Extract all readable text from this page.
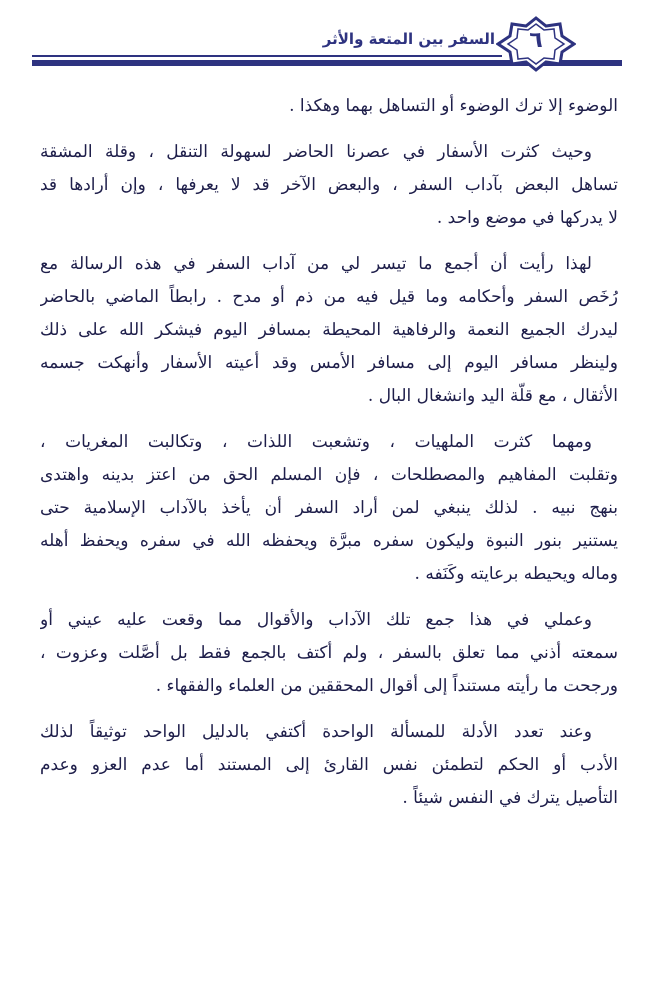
السفر بين المتعة والأثر	٦
الوضوء إلا ترك الوضوء أو التساهل بهما وهكذا .
وحيث كثرت الأسفار في عصرنا الحاضر لسهولة التنقل ، وقلة المشقة
تساهل البعض بآداب السفر ، والبعض الآخر قد لا يعرفها ، وإن أرادها قد
لا يدركها في موضع واحد .
لهذا رأيت أن أجمع ما تيسر لي من آداب السفر في هذه الرسالة مع
رُخَص السفر وأحكامه وما قيل فيه من ذم أو مدح . رابطاً الماضي بالحاضر
ليدرك الجميع النعمة والرفاهية المحيطة بمسافر اليوم فيشكر الله على ذلك
ولينظر مسافر اليوم إلى مسافر الأمس وقد أعيته الأسفار وأنهكت جسمه
الأثقال ، مع قلّة اليد وانشغال البال .
ومهما كثرت الملهيات ، وتشعبت اللذات ، وتكالبت المغريات ،
وتقلبت المفاهيم والمصطلحات ، فإن المسلم الحق من اعتز بدينه واهتدى
بنهج نبيه . لذلك ينبغي لمن أراد السفر أن يأخذ بالآداب الإسلامية حتى
يستنير بنور النبوة وليكون سفره مبرَّة ويحفظه الله في سفره ويحفظ أهله
وماله ويحيطه برعايته وكَنَفه .
وعملي في هذا جمع تلك الآداب والأقوال مما وقعت عليه عيني أو
سمعته أذني مما تعلق بالسفر ، ولم أكتف بالجمع فقط بل أصَّلت وعزوت ،
ورجحت ما رأيته مستنداً إلى أقوال المحققين من العلماء والفقهاء .
وعند تعدد الأدلة للمسألة الواحدة أكتفي بالدليل الواحد توثيقاً لذلك
الأدب أو الحكم لتطمئن نفس القارئ إلى المستند أما عدم العزو وعدم
التأصيل يترك في النفس شيئاً .
